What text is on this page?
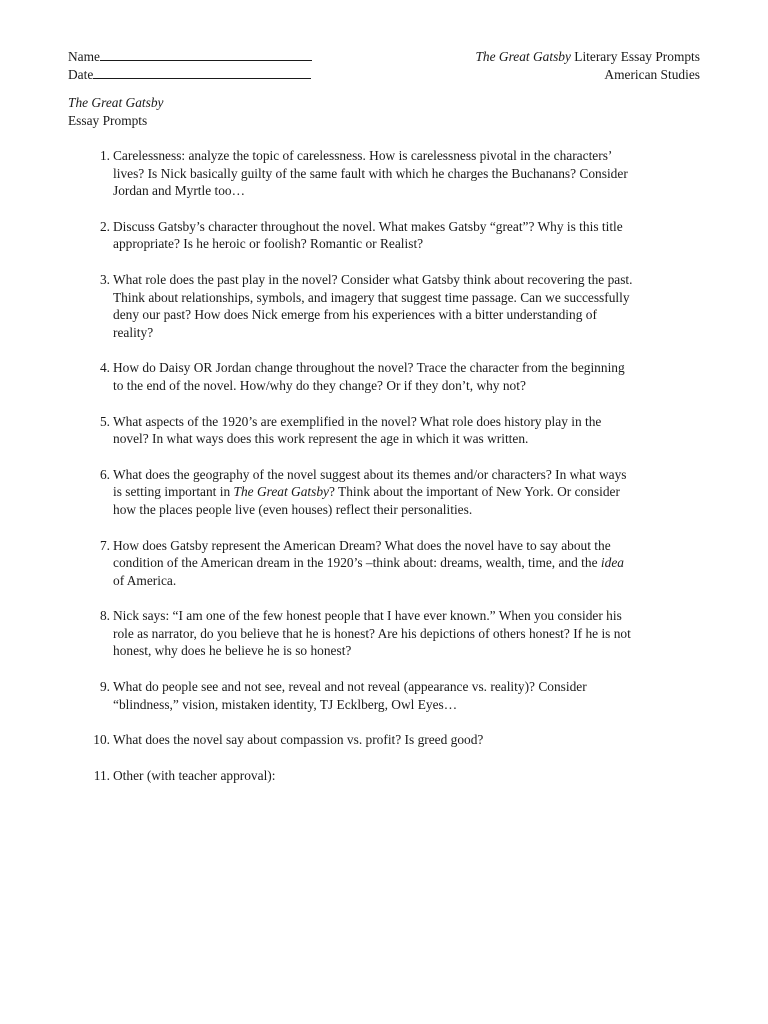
Name
Date
The Great Gatsby Literary Essay Prompts
American Studies
The Great Gatsby
Essay Prompts
1. Carelessness: analyze the topic of carelessness. How is carelessness pivotal in the characters’
lives? Is Nick basically guilty of the same fault with which he charges the Buchanans? Consider
Jordan and Myrtle too…
2. Discuss Gatsby’s character throughout the novel. What makes Gatsby “great”? Why is this title
appropriate? Is he heroic or foolish? Romantic or Realist?
3. What role does the past play in the novel? Consider what Gatsby think about recovering the past.
Think about relationships, symbols, and imagery that suggest time passage. Can we successfully
deny our past? How does Nick emerge from his experiences with a bitter understanding of
reality?
4. How do Daisy OR Jordan change throughout the novel? Trace the character from the beginning
to the end of the novel. How/why do they change? Or if they don’t, why not?
5. What aspects of the 1920’s are exemplified in the novel? What role does history play in the
novel? In what ways does this work represent the age in which it was written.
6. What does the geography of the novel suggest about its themes and/or characters? In what ways
is setting important in The Great Gatsby? Think about the important of New York. Or consider
how the places people live (even houses) reflect their personalities.
7. How does Gatsby represent the American Dream? What does the novel have to say about the
condition of the American dream in the 1920’s –think about: dreams, wealth, time, and the idea
of America.
8. Nick says: “I am one of the few honest people that I have ever known.” When you consider his
role as narrator, do you believe that he is honest? Are his depictions of others honest? If he is not
honest, why does he believe he is so honest?
9. What do people see and not see, reveal and not reveal (appearance vs. reality)? Consider
“blindness,” vision, mistaken identity, TJ Ecklberg, Owl Eyes…
10. What does the novel say about compassion vs. profit? Is greed good?
11. Other (with teacher approval):
